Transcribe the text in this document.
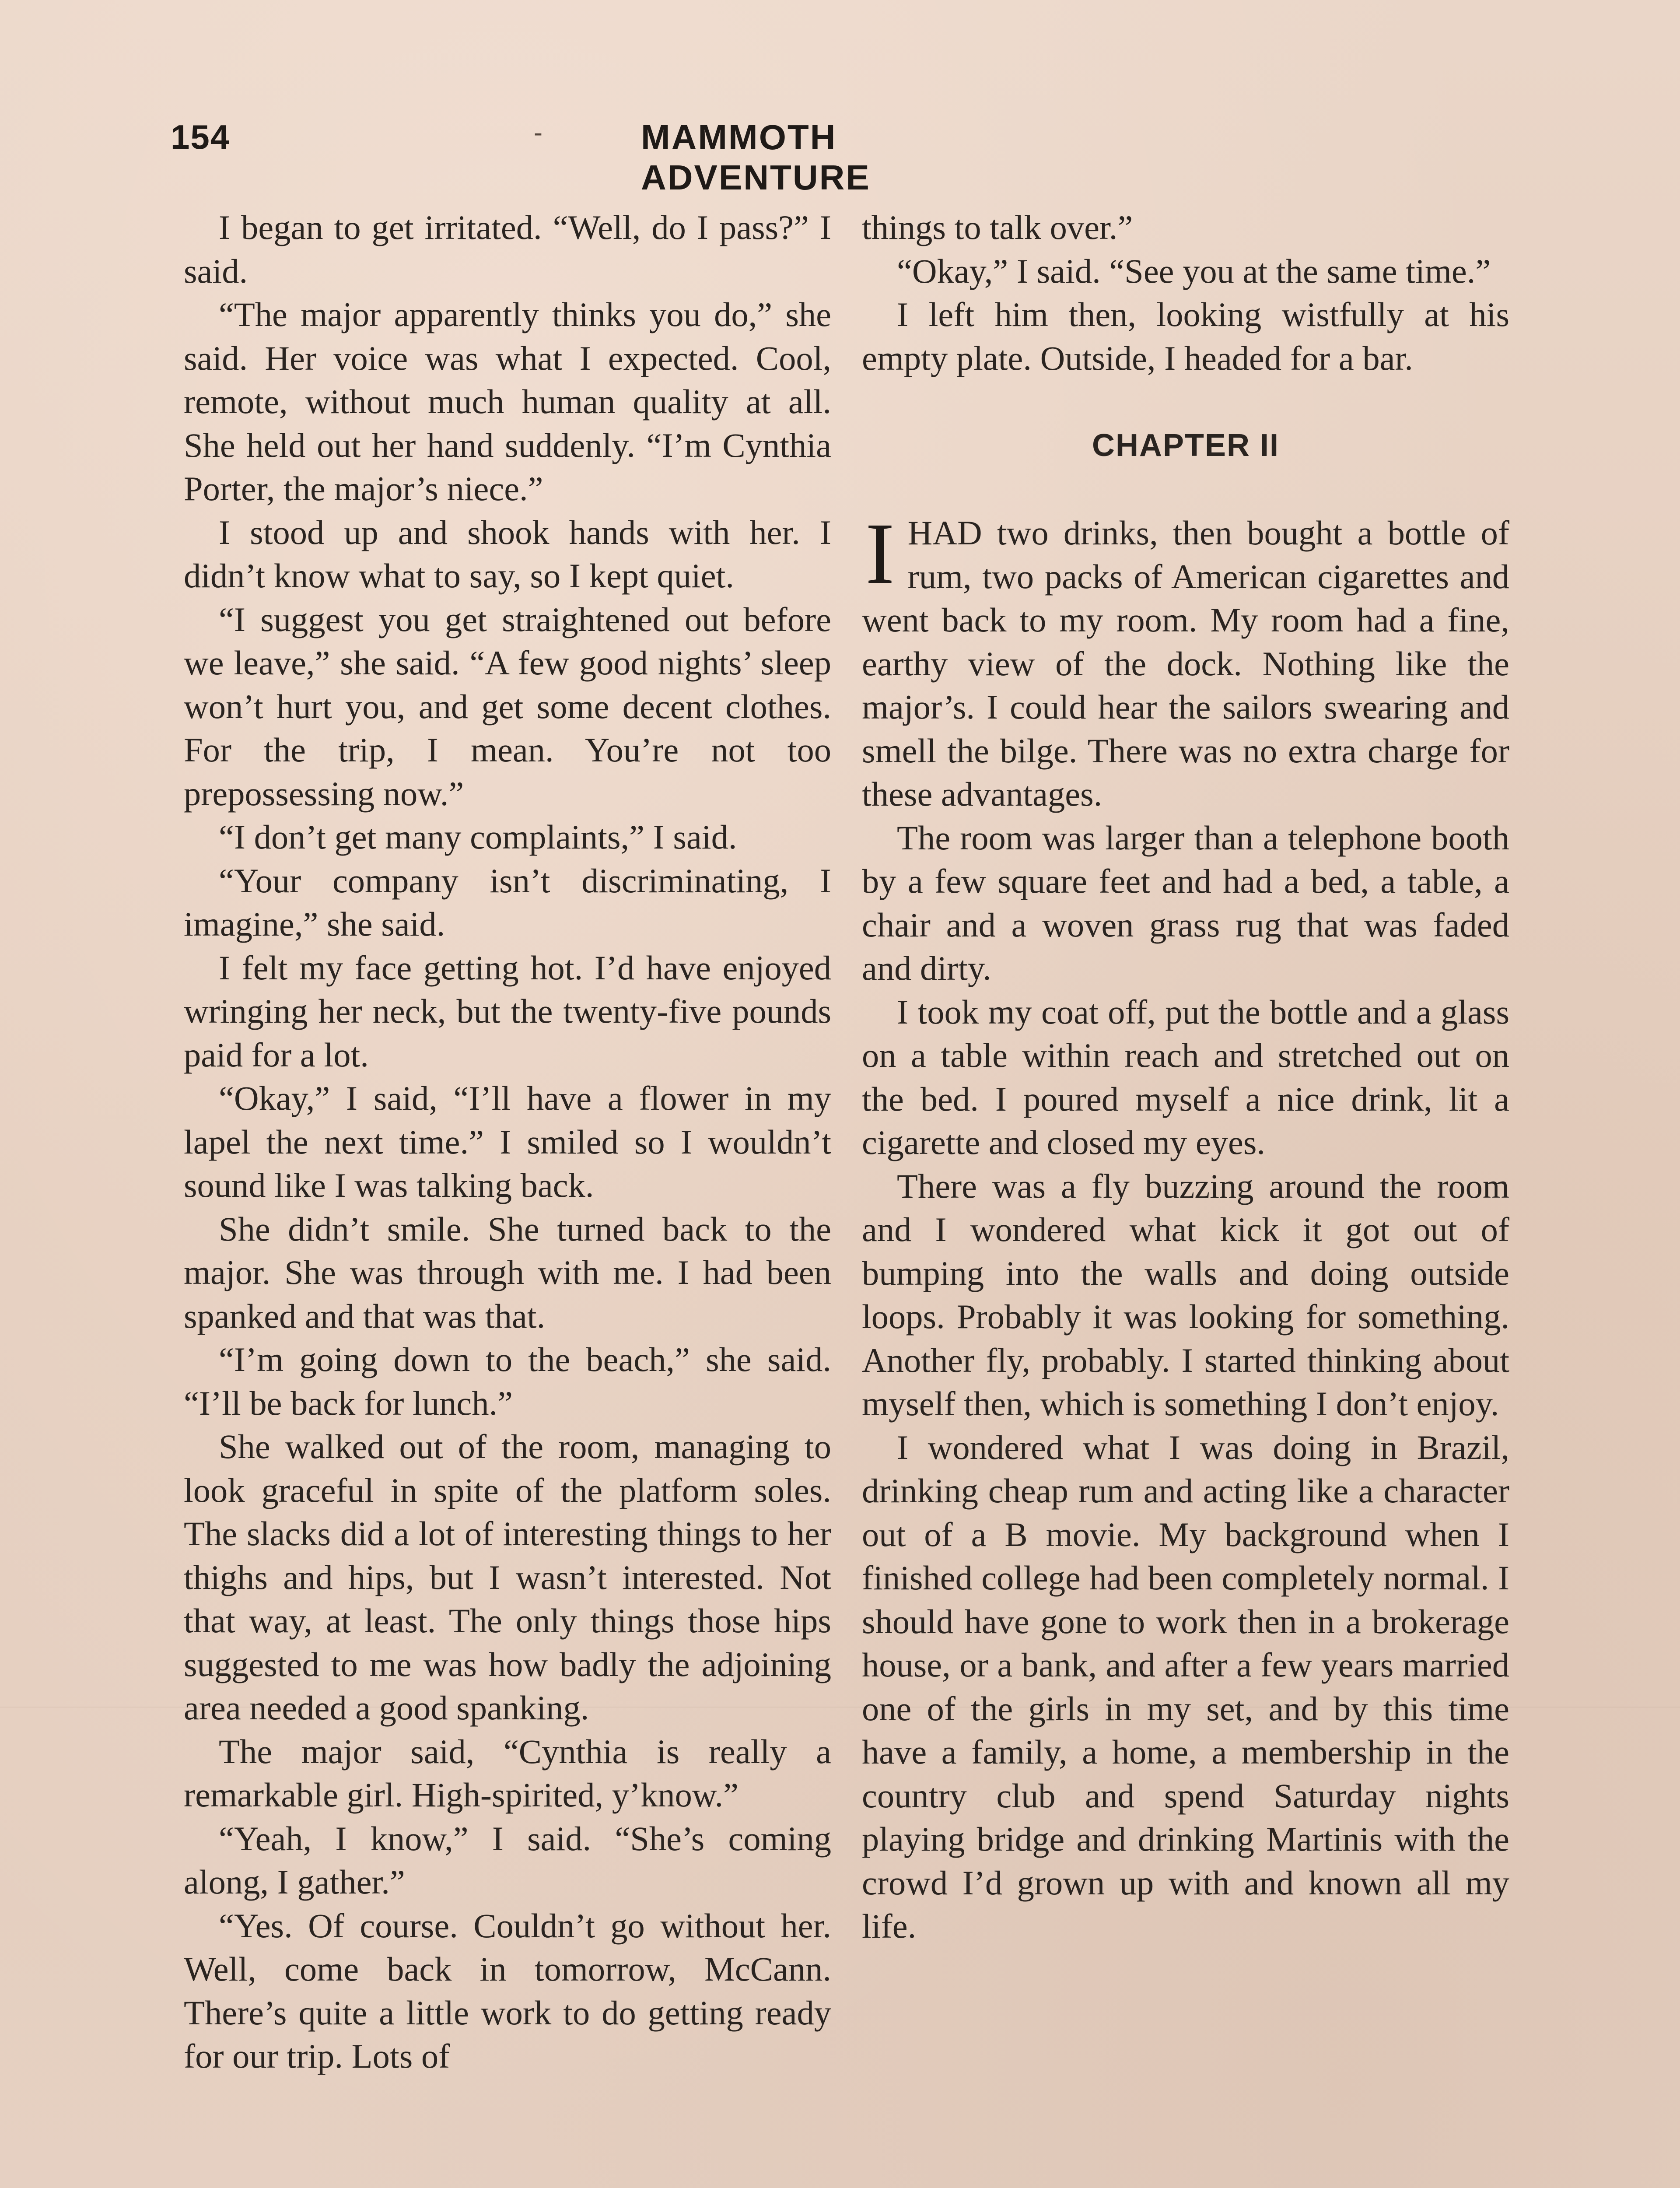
154	-	MAMMOTH ADVENTURE

I began to get irritated. “Well, do I pass?” I said.

“The major apparently thinks you do,” she said. Her voice was what I expected. Cool, remote, without much human quality at all. She held out her hand suddenly. “I’m Cynthia Porter, the major’s niece.”

I stood up and shook hands with her. I didn’t know what to say, so I kept quiet.

“I suggest you get straightened out before we leave,” she said. “A few good nights’ sleep won’t hurt you, and get some decent clothes. For the trip, I mean. You’re not too prepossessing now.”

“I don’t get many complaints,” I said.

“Your company isn’t discriminating, I imagine,” she said.

I felt my face getting hot. I’d have enjoyed wringing her neck, but the twenty-five pounds paid for a lot.

“Okay,” I said, “I’ll have a flower in my lapel the next time.” I smiled so I wouldn’t sound like I was talking back.

She didn’t smile. She turned back to the major. She was through with me. I had been spanked and that was that.

“I’m going down to the beach,” she said. “I’ll be back for lunch.”

She walked out of the room, managing to look graceful in spite of the platform soles. The slacks did a lot of interesting things to her thighs and hips, but I wasn’t interested. Not that way, at least. The only things those hips suggested to me was how badly the adjoining area needed a good spanking.

The major said, “Cynthia is really a remarkable girl. High-spirited, y’know.”

“Yeah, I know,” I said. “She’s coming along, I gather.”

“Yes. Of course. Couldn’t go without her. Well, come back in tomorrow, McCann. There’s quite a little work to do getting ready for our trip. Lots of

things to talk over.”

“Okay,” I said. “See you at the same time.”

I left him then, looking wistfully at his empty plate. Outside, I headed for a bar.

CHAPTER II

IHAD two drinks, then bought a bottle of rum, two packs of American cigarettes and went back to my room. My room had a fine, earthy view of the dock. Nothing like the major’s. I could hear the sailors swearing and smell the bilge. There was no extra charge for these advantages.

The room was larger than a telephone booth by a few square feet and had a bed, a table, a chair and a woven grass rug that was faded and dirty.

I took my coat off, put the bottle and a glass on a table within reach and stretched out on the bed. I poured myself a nice drink, lit a cigarette and closed my eyes.

There was a fly buzzing around the room and I wondered what kick it got out of bumping into the walls and doing outside loops. Probably it was looking for something. Another fly, probably. I started thinking about myself then, which is something I don’t enjoy.

I wondered what I was doing in Brazil, drinking cheap rum and acting like a character out of a B movie. My background when I finished college had been completely normal. I should have gone to work then in a brokerage house, or a bank, and after a few years married one of the girls in my set, and by this time have a family, a home, a membership in the country club and spend Saturday nights playing bridge and drinking Martinis with the crowd I’d grown up with and known all my life.
